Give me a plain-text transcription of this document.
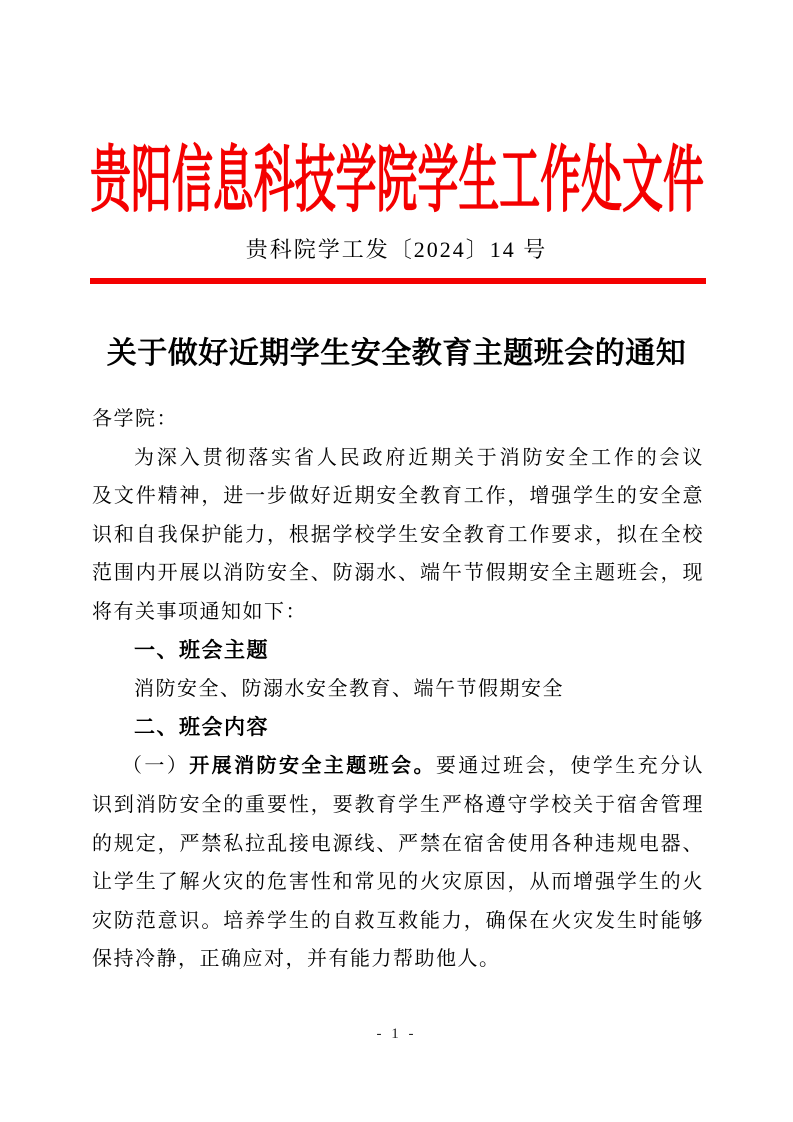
贵阳信息科技学院学生工作处文件
贵科院学工发〔2024〕14 号
关于做好近期学生安全教育主题班会的通知
各学院：
为深入贯彻落实省人民政府近期关于消防安全工作的会议
及文件精神，进一步做好近期安全教育工作，增强学生的安全意
识和自我保护能力，根据学校学生安全教育工作要求，拟在全校
范围内开展以消防安全、防溺水、端午节假期安全主题班会，现
将有关事项通知如下：
一、班会主题
消防安全、防溺水安全教育、端午节假期安全
二、班会内容
（一）开展消防安全主题班会。要通过班会，使学生充分认
识到消防安全的重要性，要教育学生严格遵守学校关于宿舍管理
的规定，严禁私拉乱接电源线、严禁在宿舍使用各种违规电器、
让学生了解火灾的危害性和常见的火灾原因，从而增强学生的火
灾防范意识。培养学生的自救互救能力，确保在火灾发生时能够
保持冷静，正确应对，并有能力帮助他人。
- 1 -
